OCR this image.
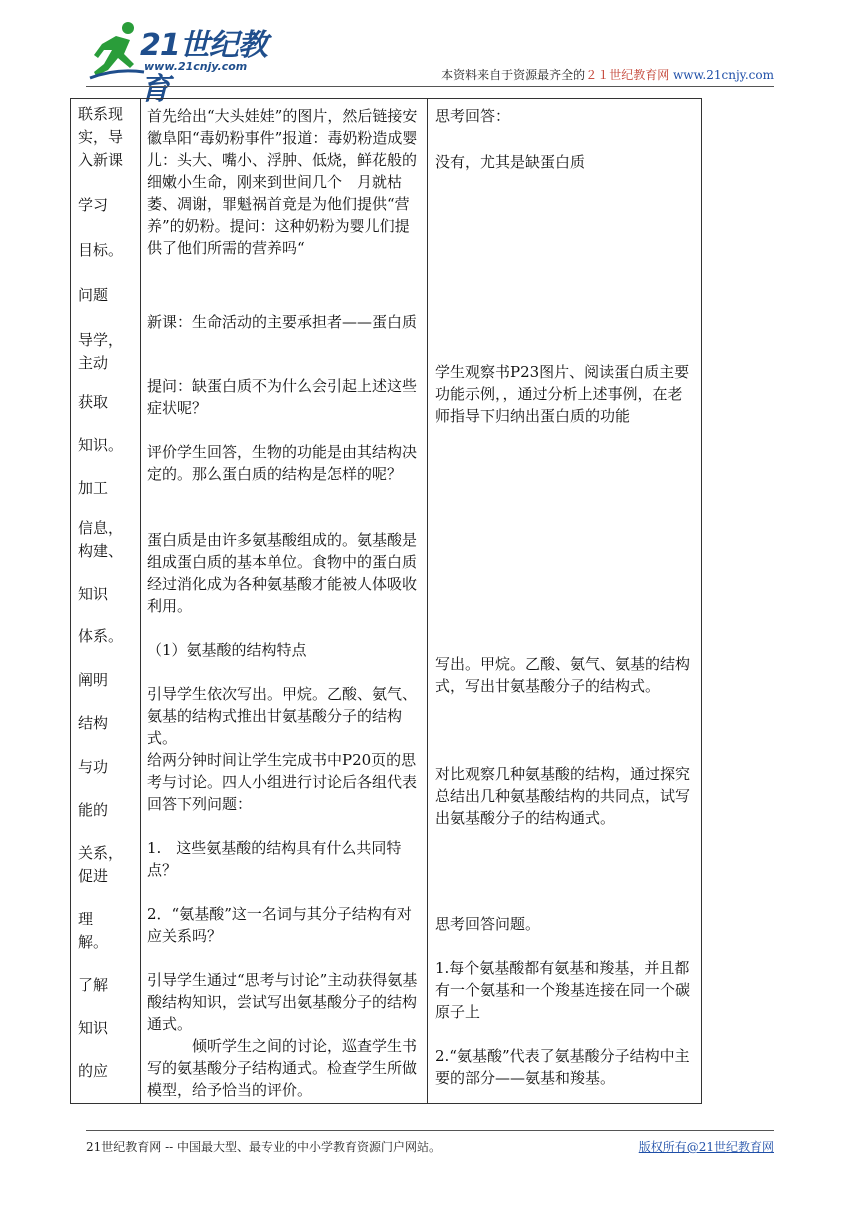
21世纪教育
www.21cnjy.com
本资料来自于资源最齐全的２１世纪教育网 www.21cnjy.com
联系现
实，导
入新课
学习
目标。
问题
导学，
主动
获取
知识。
加工
信息，
构建、
知识
体系。
阐明
结构
与功
能的
关系，
促进
理
解。
了解
知识
的应
首先给出“大头娃娃”的图片，然后链接安徽阜阳“毒奶粉事件”报道：毒奶粉造成婴儿：头大、嘴小、浮肿、低烧，鲜花般的细嫩小生命，刚来到世间几个　月就枯萎、凋谢，罪魁祸首竟是为他们提供“营养”的奶粉。提问：这种奶粉为婴儿们提供了他们所需的营养吗“
新课：生命活动的主要承担者——蛋白质
提问：缺蛋白质不为什么会引起上述这些症状呢？
评价学生回答，生物的功能是由其结构决定的。那么蛋白质的结构是怎样的呢？
蛋白质是由许多氨基酸组成的。氨基酸是组成蛋白质的基本单位。食物中的蛋白质经过消化成为各种氨基酸才能被人体吸收利用。
（1）氨基酸的结构特点
引导学生依次写出。甲烷。乙酸、氨气、氨基的结构式推出甘氨基酸分子的结构式。
给两分钟时间让学生完成书中P20页的思考与讨论。四人小组进行讨论后各组代表回答下列问题：
1.　这些氨基酸的结构具有什么共同特点？
2．“氨基酸”这一名词与其分子结构有对应关系吗？
引导学生通过“思考与讨论”主动获得氨基酸结构知识，尝试写出氨基酸分子的结构通式。
　　　倾听学生之间的讨论，巡查学生书写的氨基酸分子结构通式。检查学生所做模型，给予恰当的评价。
思考回答：
没有，尤其是缺蛋白质
学生观察书P23图片、阅读蛋白质主要功能示例，，通过分析上述事例，在老师指导下归纳出蛋白质的功能
写出。甲烷。乙酸、氨气、氨基的结构式，写出甘氨基酸分子的结构式。
对比观察几种氨基酸的结构，通过探究总结出几种氨基酸结构的共同点，试写出氨基酸分子的结构通式。
思考回答问题。
1.每个氨基酸都有氨基和羧基，并且都有一个氨基和一个羧基连接在同一个碳原子上
2.“氨基酸”代表了氨基酸分子结构中主要的部分——氨基和羧基。
21世纪教育网 -- 中国最大型、最专业的中小学教育资源门户网站。	版权所有@21世纪教育网
